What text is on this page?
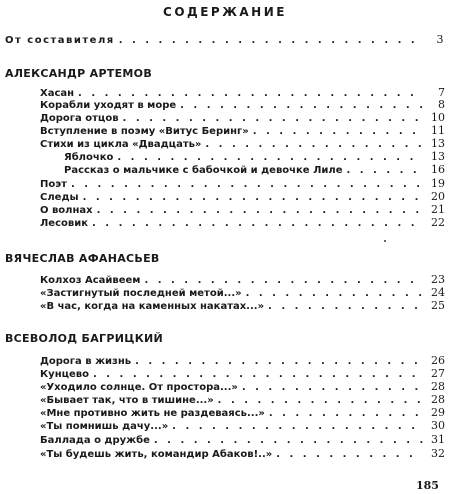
СОДЕРЖАНИЕ
От составителя . . .	3
АЛЕКСАНДР АРТЕМОВ
Хасан . . .	7
Корабли уходят в море . . .	8
Дорога отцов . . .	10
Вступление в поэму «Витус Беринг» . . .	11
Стихи из цикла «Двадцать» . . .	13
Яблочко . . .	13
Рассказ о мальчике с бабочкой и девочке Лиле . . .	16
Поэт . . .	19
Следы . . .	20
О волнах . . .	21
Лесовик . . .	22
ВЯЧЕСЛАВ АФАНАСЬЕВ
Колхоз Асайвеем . . .	23
«Застигнутый последней метой...» . . .	24
«В час, когда на каменных накатах...» . . .	25
ВСЕВОЛОД БАГРИЦКИЙ
Дорога в жизнь . . .	26
Кунцево . . .	27
«Уходило солнце. От простора...» . . .	28
«Бывает так, что в тишине...» . . .	28
«Мне противно жить не раздеваясь...» . . .	29
«Ты помнишь дачу...» . . .	30
Баллада о дружбе . . .	31
«Ты будешь жить, командир Абаков!..» . . .	32
185
